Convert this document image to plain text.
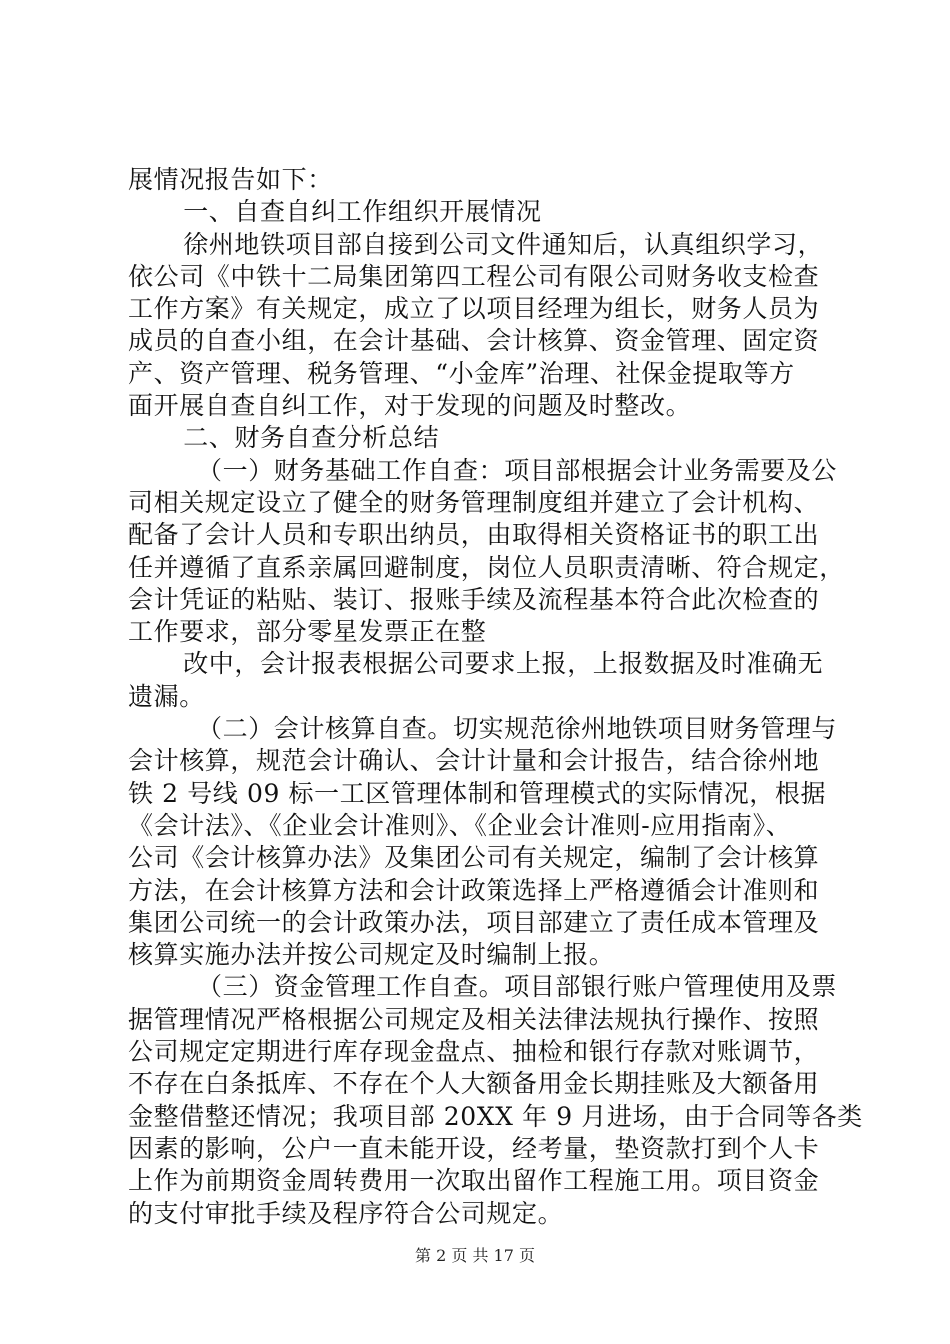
展情况报告如下：
一、自查自纠工作组织开展情况
徐州地铁项目部自接到公司文件通知后，认真组织学习，
依公司《中铁十二局集团第四工程公司有限公司财务收支检查
工作方案》有关规定，成立了以项目经理为组长，财务人员为
成员的自查小组，在会计基础、会计核算、资金管理、固定资
产、资产管理、税务管理、“小金库”治理、社保金提取等方
面开展自查自纠工作，对于发现的问题及时整改。
二、财务自查分析总结
（一）财务基础工作自查：项目部根据会计业务需要及公
司相关规定设立了健全的财务管理制度组并建立了会计机构、
配备了会计人员和专职出纳员，由取得相关资格证书的职工出
任并遵循了直系亲属回避制度，岗位人员职责清晰、符合规定，
会计凭证的粘贴、装订、报账手续及流程基本符合此次检查的
工作要求，部分零星发票正在整
改中，会计报表根据公司要求上报，上报数据及时准确无
遗漏。
（二）会计核算自查。切实规范徐州地铁项目财务管理与
会计核算，规范会计确认、会计计量和会计报告，结合徐州地
铁 2 号线 09 标一工区管理体制和管理模式的实际情况，根据
《会计法》、《企业会计准则》、《企业会计准则-应用指南》、
公司《会计核算办法》及集团公司有关规定，编制了会计核算
方法，在会计核算方法和会计政策选择上严格遵循会计准则和
集团公司统一的会计政策办法，项目部建立了责任成本管理及
核算实施办法并按公司规定及时编制上报。
（三）资金管理工作自查。项目部银行账户管理使用及票
据管理情况严格根据公司规定及相关法律法规执行操作、按照
公司规定定期进行库存现金盘点、抽检和银行存款对账调节，
不存在白条抵库、不存在个人大额备用金长期挂账及大额备用
金整借整还情况；我项目部 20XX 年 9 月进场，由于合同等各类
因素的影响，公户一直未能开设，经考量，垫资款打到个人卡
上作为前期资金周转费用一次取出留作工程施工用。项目资金
的支付审批手续及程序符合公司规定。
第 2 页 共 17 页
